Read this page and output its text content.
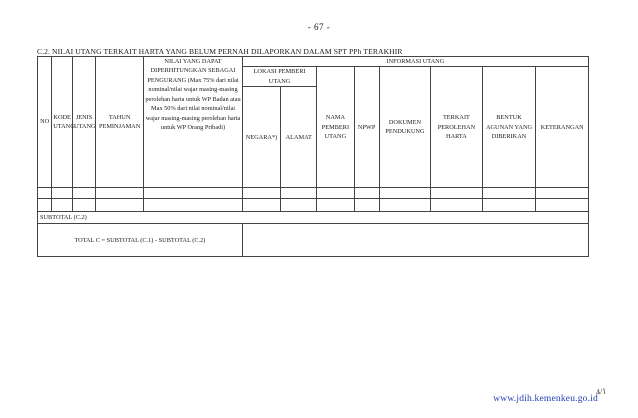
- 67 -
C.2. NILAI UTANG TERKAIT HARTA YANG BELUM PERNAH DILAPORKAN DALAM SPT PPh TERAKHIR
NO	KODE UTANG	JENIS UTANG	TAHUN PEMINJAMAN	NILAI YANG DAPAT DIPERHITUNGKAN SEBAGAI PENGURANG (Max 75% dari nilai nominal/nilai wajar masing-masing perolehan harta untuk WP Badan atau Max 50% dari nilai nominal/nilai wajar masing-masing perolehan harta untuk WP Orang Pribadi)	INFORMASI UTANG							
					LOKASI PEMBERI UTANG		NAMA PEMBERI UTANG	NPWP	DOKUMEN PENDUKUNG	TERKAIT PEROLEHAN HARTA	BENTUK AGUNAN YANG DIBERIKAN	KETERANGAN
					NEGARA*)	ALAMAT						

SUBTOTAL (C.2)												

TOTAL C = SUBTOTAL (C.1) - SUBTOTAL (C.2)												

4/1
www.jdih.kemenkeu.go.id
